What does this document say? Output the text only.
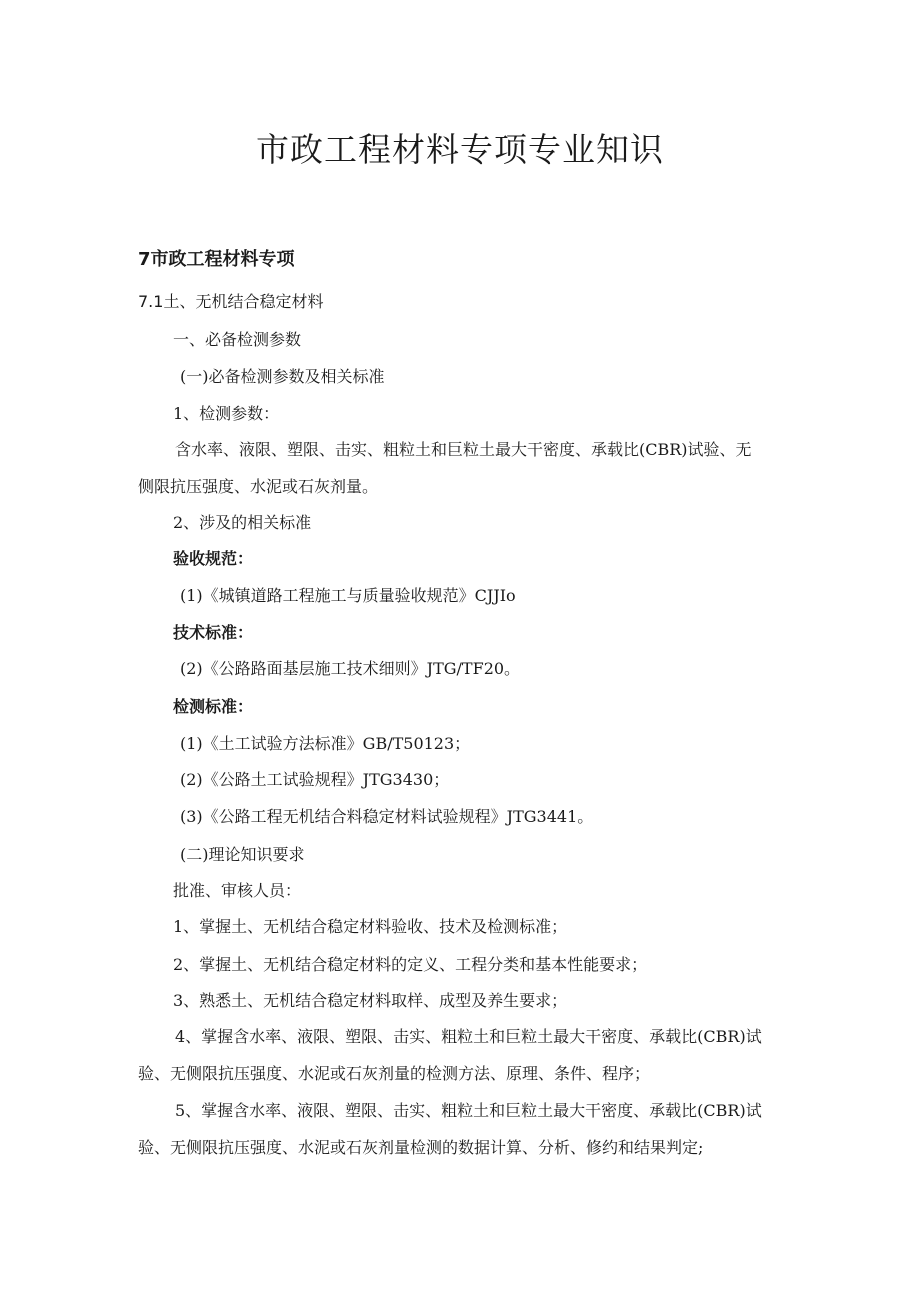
市政工程材料专项专业知识
7市政工程材料专项
7.1土、无机结合稳定材料
一、必备检测参数
(一)必备检测参数及相关标准
1、检测参数：
含水率、液限、塑限、击实、粗粒土和巨粒土最大干密度、承载比(CBR)试验、无
侧限抗压强度、水泥或石灰剂量。
2、涉及的相关标准
验收规范：
(1)《城镇道路工程施工与质量验收规范》CJJIo
技术标准：
(2)《公路路面基层施工技术细则》JTG/TF20。
检测标准：
(1)《土工试验方法标准》GB/T50123；
(2)《公路土工试验规程》JTG3430；
(3)《公路工程无机结合料稳定材料试验规程》JTG3441。
(二)理论知识要求
批准、审核人员：
1、掌握土、无机结合稳定材料验收、技术及检测标准；
2、掌握土、无机结合稳定材料的定义、工程分类和基本性能要求；
3、熟悉土、无机结合稳定材料取样、成型及养生要求；
4、掌握含水率、液限、塑限、击实、粗粒土和巨粒土最大干密度、承载比(CBR)试
验、无侧限抗压强度、水泥或石灰剂量的检测方法、原理、条件、程序；
5、掌握含水率、液限、塑限、击实、粗粒土和巨粒土最大干密度、承载比(CBR)试
验、无侧限抗压强度、水泥或石灰剂量检测的数据计算、分析、修约和结果判定;
